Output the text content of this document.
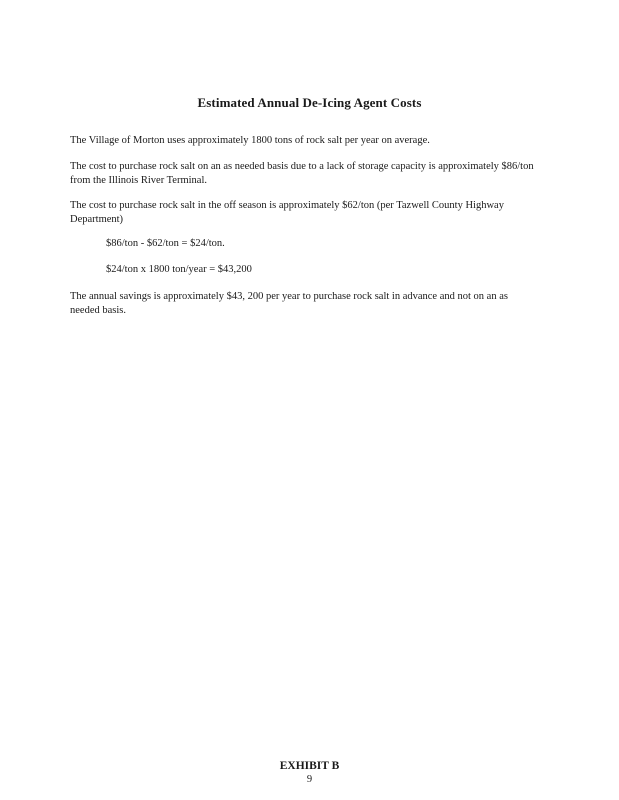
Estimated Annual De-Icing Agent Costs

The Village of Morton uses approximately 1800 tons of rock salt per year on average.

The cost to purchase rock salt on an as needed basis due to a lack of storage capacity is approximately $86/ton from the Illinois River Terminal.

The cost to purchase rock salt in the off season is approximately $62/ton (per Tazwell County Highway Department)

$86/ton - $62/ton = $24/ton.

$24/ton x 1800 ton/year = $43,200

The annual savings is approximately $43, 200 per year to purchase rock salt in advance and not on an as needed basis.

EXHIBIT B
9
